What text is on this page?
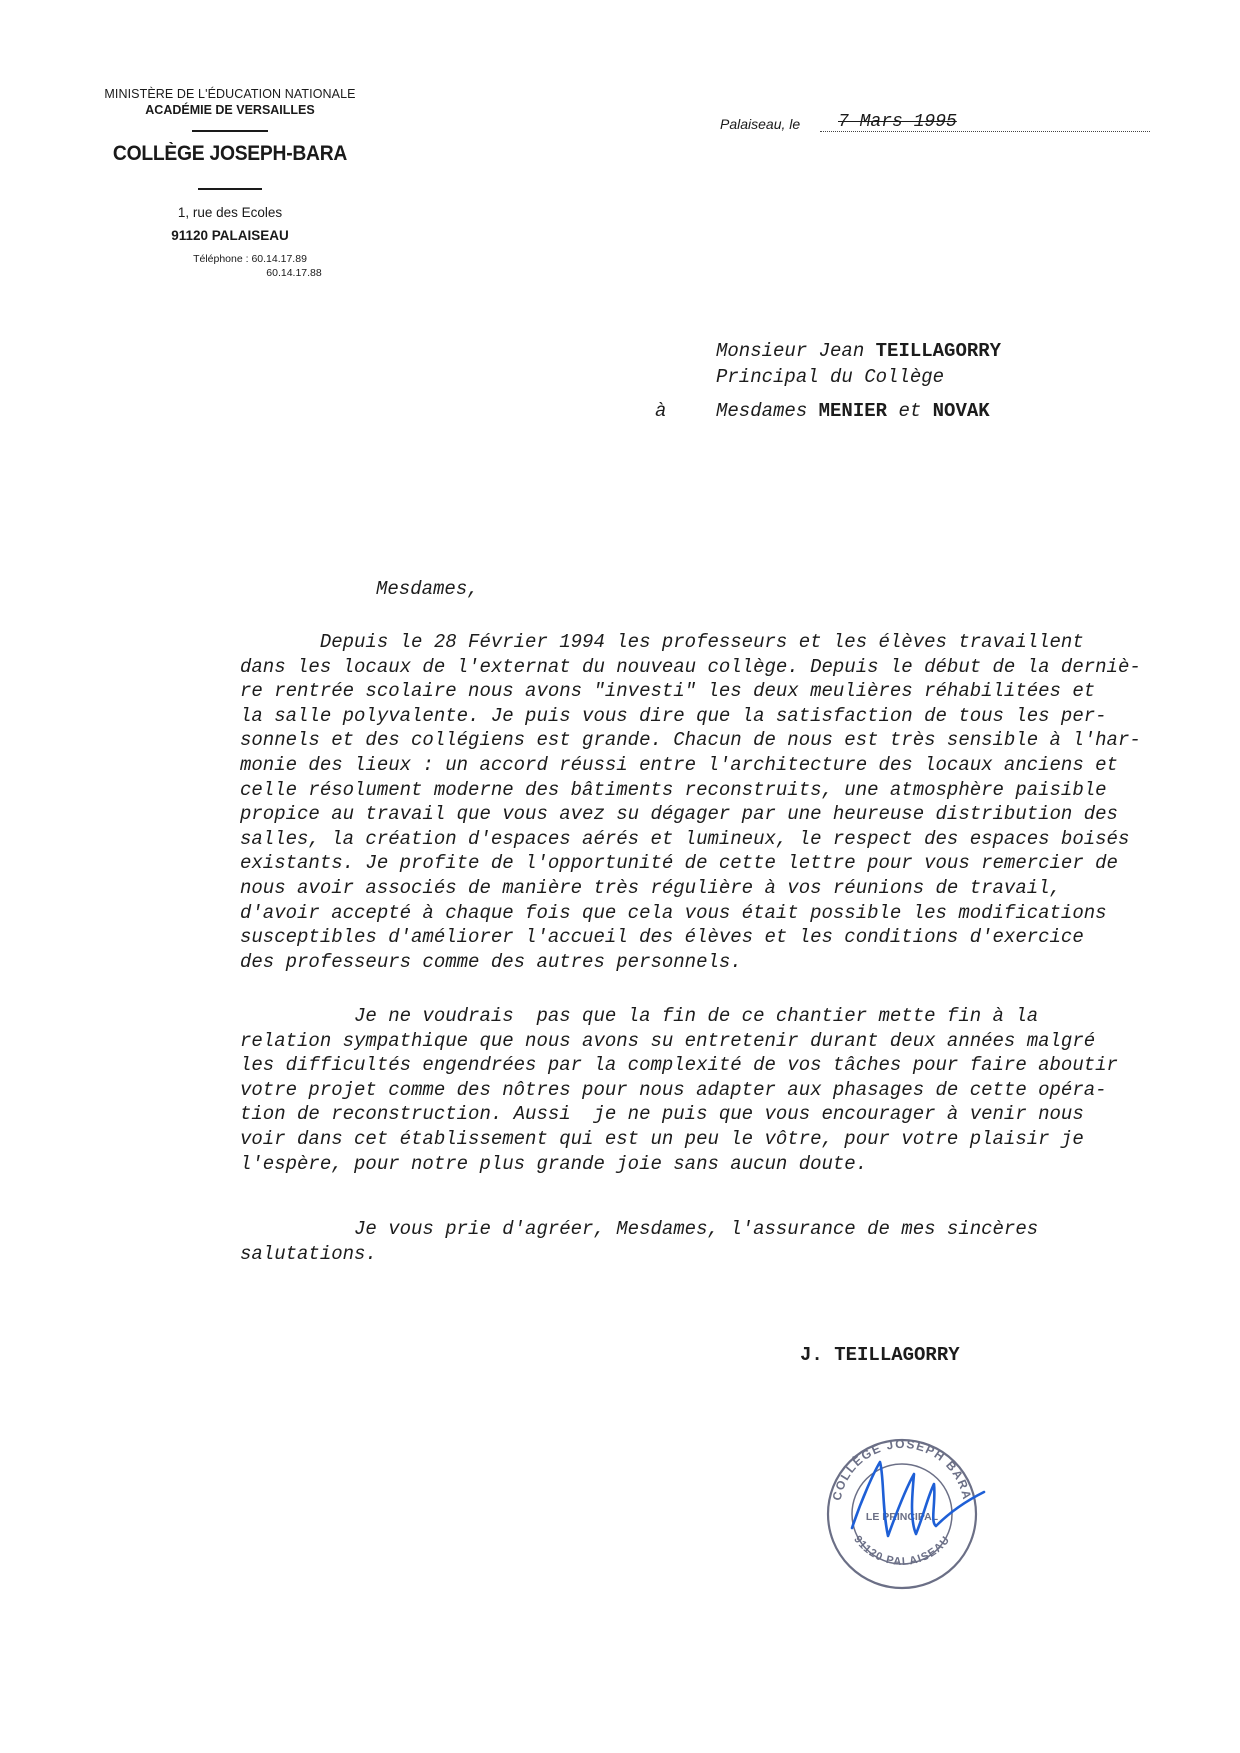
MINISTÈRE DE L'ÉDUCATION NATIONALE
ACADÉMIE DE VERSAILLES
COLLÈGE JOSEPH-BARA
1, rue des Ecoles
91120 PALAISEAU
Téléphone : 60.14.17.89
60.14.17.88
Palaiseau, le 7 Mars 1995
Monsieur Jean TEILLAGORRY
Principal du Collège
à	Mesdames MENIER et NOVAK
Mesdames,
Depuis le 28 Février 1994 les professeurs et les élèves travaillent
dans les locaux de l'externat du nouveau collège. Depuis le début de la derniè-
re rentrée scolaire nous avons "investi" les deux meulières réhabilitées et
la salle polyvalente. Je puis vous dire que la satisfaction de tous les per-
sonnels et des collégiens est grande. Chacun de nous est très sensible à l'har-
monie des lieux : un accord réussi entre l'architecture des locaux anciens et
celle résolument moderne des bâtiments reconstruits, une atmosphère paisible
propice au travail que vous avez su dégager par une heureuse distribution des
salles, la création d'espaces aérés et lumineux, le respect des espaces boisés
existants. Je profite de l'opportunité de cette lettre pour vous remercier de
nous avoir associés de manière très régulière à vos réunions de travail,
d'avoir accepté à chaque fois que cela vous était possible les modifications
susceptibles d'améliorer l'accueil des élèves et les conditions d'exercice
des professeurs comme des autres personnels.
Je ne voudrais  pas que la fin de ce chantier mette fin à la
relation sympathique que nous avons su entretenir durant deux années malgré
les difficultés engendrées par la complexité de vos tâches pour faire aboutir
votre projet comme des nôtres pour nous adapter aux phasages de cette opéra-
tion de reconstruction. Aussi  je ne puis que vous encourager à venir nous
voir dans cet établissement qui est un peu le vôtre, pour votre plaisir je
l'espère, pour notre plus grande joie sans aucun doute.
Je vous prie d'agréer, Mesdames, l'assurance de mes sincères
salutations.
J. TEILLAGORRY
COLLÈGE JOSEPH BARA
91120 PALAISEAU
LE PRINCIPAL
